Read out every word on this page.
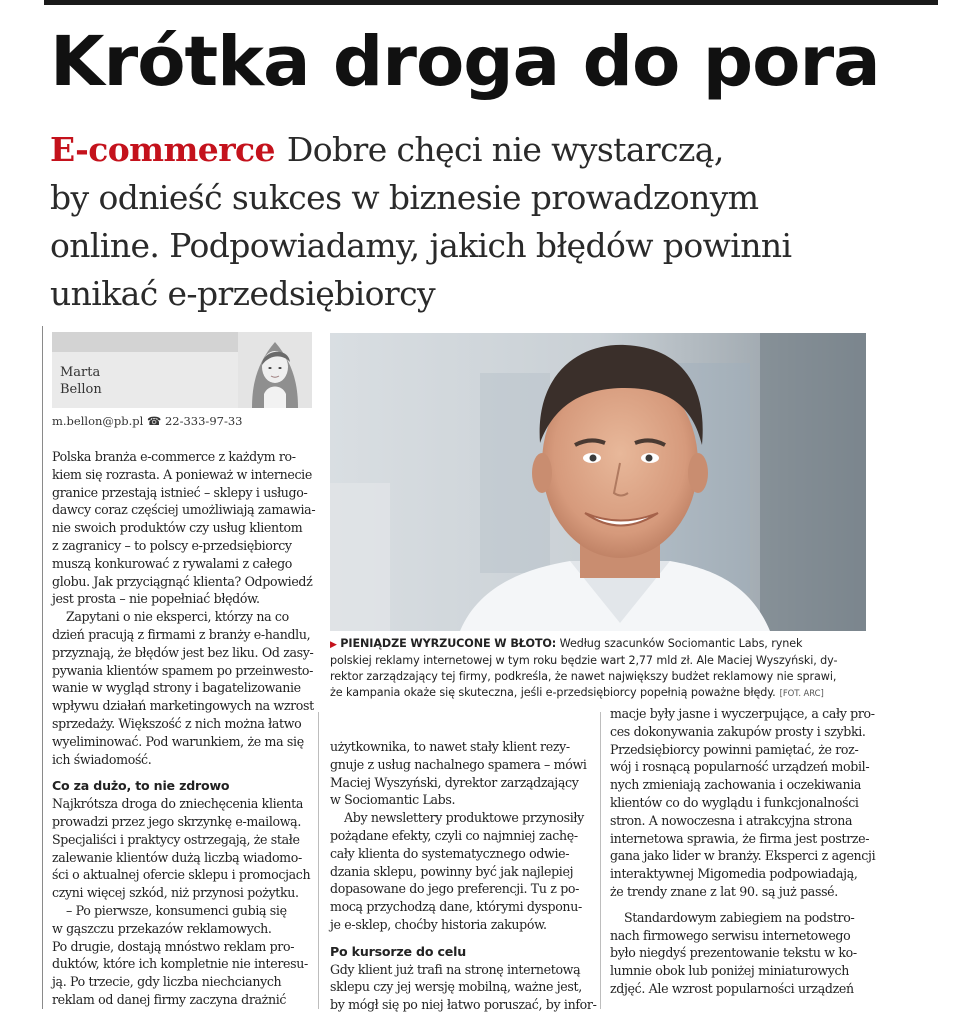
Krótka droga do pora
E-commerce Dobre chęci nie wystarczą,
by odnieść sukces w biznesie prowadzonym
online. Podpowiadamy, jakich błędów powinni
unikać e-przedsiębiorcy
Marta
Bellon
m.bellon@pb.pl ☎ 22-333-97-33
▶ PIENIĄDZE WYRZUCONE W BŁOTO: Według szacunków Sociomantic Labs, rynek
polskiej reklamy internetowej w tym roku będzie wart 2,77 mld zł. Ale Maciej Wyszyński, dy-
rektor zarządzający tej firmy, podkreśla, że nawet największy budżet reklamowy nie sprawi,
że kampania okaże się skuteczna, jeśli e-przedsiębiorcy popełnią poważne błędy. [FOT. ARC]
Polska branża e-commerce z każdym ro-
kiem się rozrasta. A ponieważ w internecie
granice przestają istnieć – sklepy i usługo-
dawcy coraz częściej umożliwiają zamawia-
nie swoich produktów czy usług klientom
z zagranicy – to polscy e-przedsiębiorcy
muszą konkurować z rywalami z całego
globu. Jak przyciągnąć klienta? Odpowiedź
jest prosta – nie popełniać błędów.
Zapytani o nie eksperci, którzy na co
dzień pracują z firmami z branży e-handlu,
przyznają, że błędów jest bez liku. Od zasy-
pywania klientów spamem po przeinwesto-
wanie w wygląd strony i bagatelizowanie
wpływu działań marketingowych na wzrost
sprzedaży. Większość z nich można łatwo
wyeliminować. Pod warunkiem, że ma się
ich świadomość.
Co za dużo, to nie zdrowo
Najkrótsza droga do zniechęcenia klienta
prowadzi przez jego skrzynkę e-mailową.
Specjaliści i praktycy ostrzegają, że stałe
zalewanie klientów dużą liczbą wiadomo-
ści o aktualnej ofercie sklepu i promocjach
czyni więcej szkód, niż przynosi pożytku.
– Po pierwsze, konsumenci gubią się
w gąszczu przekazów reklamowych.
Po drugie, dostają mnóstwo reklam pro-
duktów, które ich kompletnie nie interesu-
ją. Po trzecie, gdy liczba niechcianych
reklam od danej firmy zaczyna drażnić
użytkownika, to nawet stały klient rezy-
gnuje z usług nachalnego spamera – mówi
Maciej Wyszyński, dyrektor zarządzający
w Sociomantic Labs.
Aby newslettery produktowe przynosiły
pożądane efekty, czyli co najmniej zachę-
cały klienta do systematycznego odwie-
dzania sklepu, powinny być jak najlepiej
dopasowane do jego preferencji. Tu z po-
mocą przychodzą dane, którymi dysponu-
je e-sklep, choćby historia zakupów.
Po kursorze do celu
Gdy klient już trafi na stronę internetową
sklepu czy jej wersję mobilną, ważne jest,
by mógł się po niej łatwo poruszać, by infor-
macje były jasne i wyczerpujące, a cały pro-
ces dokonywania zakupów prosty i szybki.
Przedsiębiorcy powinni pamiętać, że roz-
wój i rosnącą popularność urządzeń mobil-
nych zmieniają zachowania i oczekiwania
klientów co do wyglądu i funkcjonalności
stron. A nowoczesna i atrakcyjna strona
internetowa sprawia, że firma jest postrze-
gana jako lider w branży. Eksperci z agencji
interaktywnej Migomedia podpowiadają,
że trendy znane z lat 90. są już passé.
Standardowym zabiegiem na podstro-
nach firmowego serwisu internetowego
było niegdyś prezentowanie tekstu w ko-
lumnie obok lub poniżej miniaturowych
zdjęć. Ale wzrost popularności urządzeń
